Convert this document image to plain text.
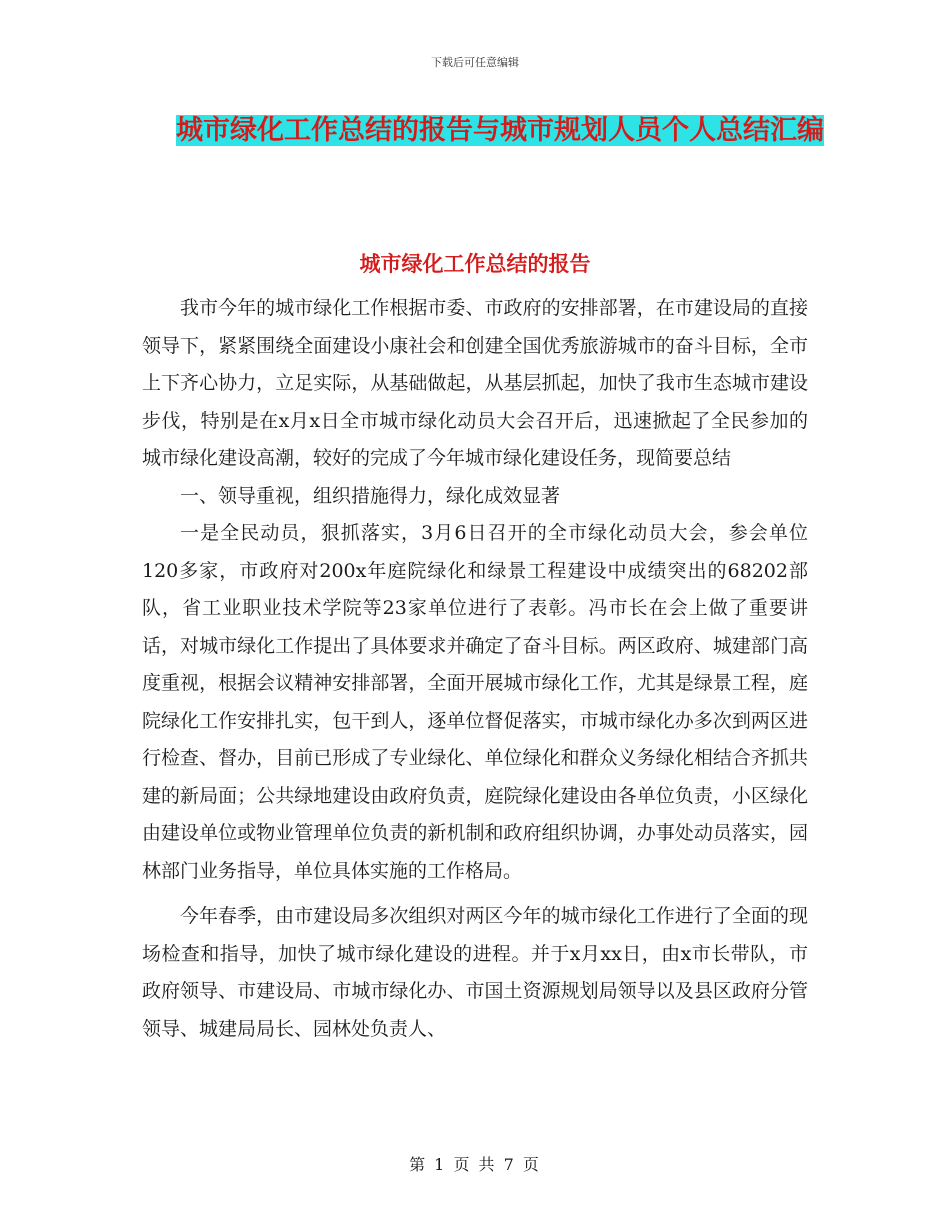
下载后可任意编辑
城市绿化工作总结的报告与城市规划人员个人总结汇编
城市绿化工作总结的报告

我市今年的城市绿化工作根据市委、市政府的安排部署，在市建设局的直接领导下，紧紧围绕全面建设小康社会和创建全国优秀旅游城市的奋斗目标，全市上下齐心协力，立足实际，从基础做起，从基层抓起，加快了我市生态城市建设步伐，特别是在x月x日全市城市绿化动员大会召开后，迅速掀起了全民参加的城市绿化建设高潮，较好的完成了今年城市绿化建设任务，现简要总结

一、领导重视，组织措施得力，绿化成效显著

一是全民动员，狠抓落实，3月6日召开的全市绿化动员大会，参会单位120多家，市政府对200x年庭院绿化和绿景工程建设中成绩突出的68202部队，省工业职业技术学院等23家单位进行了表彰。冯市长在会上做了重要讲话，对城市绿化工作提出了具体要求并确定了奋斗目标。两区政府、城建部门高度重视，根据会议精神安排部署，全面开展城市绿化工作，尤其是绿景工程，庭院绿化工作安排扎实，包干到人，逐单位督促落实，市城市绿化办多次到两区进行检查、督办，目前已形成了专业绿化、单位绿化和群众义务绿化相结合齐抓共建的新局面；公共绿地建设由政府负责，庭院绿化建设由各单位负责，小区绿化由建设单位或物业管理单位负责的新机制和政府组织协调，办事处动员落实，园林部门业务指导，单位具体实施的工作格局。

今年春季，由市建设局多次组织对两区今年的城市绿化工作进行了全面的现场检查和指导，加快了城市绿化建设的进程。并于x月xx日，由x市长带队，市政府领导、市建设局、市城市绿化办、市国土资源规划局领导以及县区政府分管领导、城建局局长、园林处负责人、

第 1 页 共 7 页
